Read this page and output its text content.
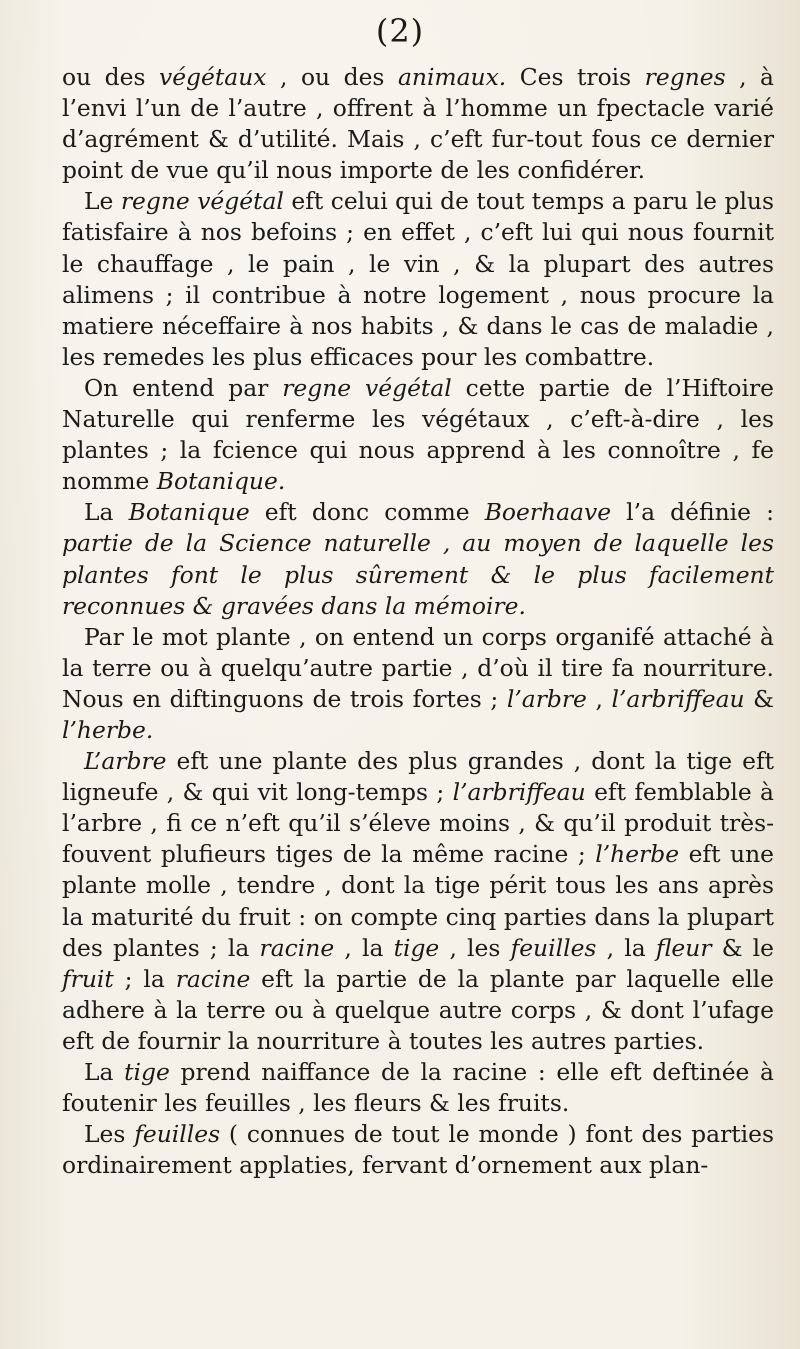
(2)

ou des végétaux , ou des animaux. Ces trois regnes , à l’envi l’un de l’autre , offrent à l’homme un fpectacle varié d’agrément & d’utilité. Mais , c’eft fur-tout fous ce dernier point de vue qu’il nous importe de les confidérer.

Le regne végétal eft celui qui de tout temps a paru le plus fatisfaire à nos befoins ; en effet , c’eft lui qui nous fournit le chauffage , le pain , le vin , & la plupart des autres alimens ; il contribue à notre logement , nous procure la matiere néceffaire à nos habits , & dans le cas de maladie , les remedes les plus efficaces pour les combattre.

On entend par regne végétal cette partie de l’Hiftoire Naturelle qui renferme les végétaux , c’eft-à-dire , les plantes ; la fcience qui nous apprend à les connoître , fe nomme Botanique.

La Botanique eft donc comme Boerhaave l’a définie : partie de la Science naturelle , au moyen de laquelle les plantes font le plus sûrement & le plus facilement reconnues & gravées dans la mémoire.

Par le mot plante , on entend un corps organifé attaché à la terre ou à quelqu’autre partie , d’où il tire fa nourriture. Nous en diftinguons de trois fortes ; l’arbre , l’arbriffeau & l’herbe.

L’arbre eft une plante des plus grandes , dont la tige eft ligneufe , & qui vit long-temps ; l’arbriffeau eft femblable à l’arbre , fi ce n’eft qu’il s’éleve moins , & qu’il produit très-fouvent plufieurs tiges de la même racine ; l’herbe eft une plante molle , tendre , dont la tige périt tous les ans après la maturité du fruit : on compte cinq parties dans la plupart des plantes ; la racine , la tige , les feuilles , la fleur & le fruit ; la racine eft la partie de la plante par laquelle elle adhere à la terre ou à quelque autre corps , & dont l’ufage eft de fournir la nourriture à toutes les autres parties.

La tige prend naiffance de la racine : elle eft deftinée à foutenir les feuilles , les fleurs & les fruits.

Les feuilles ( connues de tout le monde ) font des parties ordinairement applaties, fervant d’ornement aux plan-
